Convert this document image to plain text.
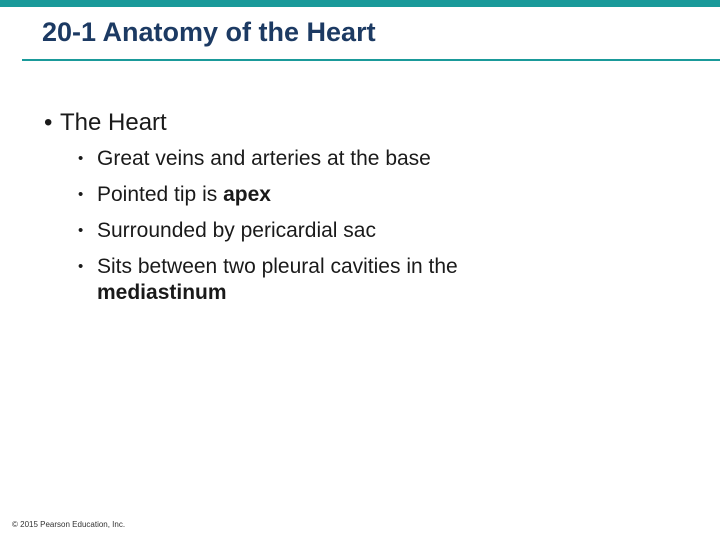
20-1 Anatomy of the Heart
• The Heart
• Great veins and arteries at the base
• Pointed tip is apex
• Surrounded by pericardial sac
• Sits between two pleural cavities in the mediastinum
© 2015 Pearson Education, Inc.
